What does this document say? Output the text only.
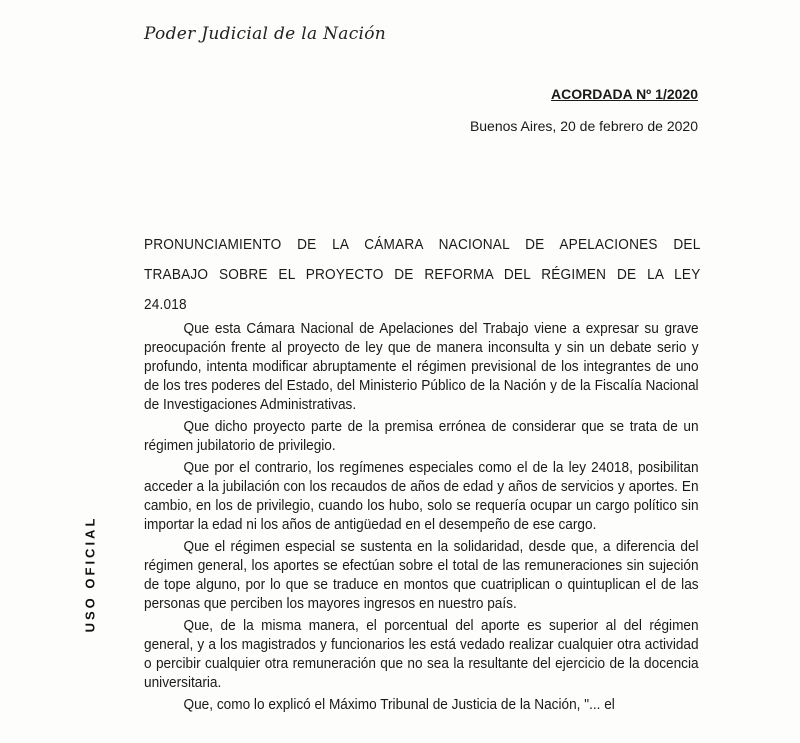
Poder Judicial de la Nación
ACORDADA Nº 1/2020
Buenos Aires, 20 de febrero de 2020
USO OFICIAL
PRONUNCIAMIENTO DE LA CÁMARA NACIONAL DE APELACIONES DEL
TRABAJO SOBRE EL PROYECTO DE REFORMA DEL RÉGIMEN DE LA LEY
24.018

Que esta Cámara Nacional de Apelaciones del Trabajo viene a expresar su grave preocupación frente al proyecto de ley que de manera inconsulta y sin un debate serio y profundo, intenta modificar abruptamente el régimen previsional de los integrantes de uno de los tres poderes del Estado, del Ministerio Público de la Nación y de la Fiscalía Nacional de Investigaciones Administrativas.

Que dicho proyecto parte de la premisa errónea de considerar que se trata de un régimen jubilatorio de privilegio.

Que por el contrario, los regímenes especiales como el de la ley 24018, posibilitan acceder a la jubilación con los recaudos de años de edad y años de servicios y aportes. En cambio, en los de privilegio, cuando los hubo, solo se requería ocupar un cargo político sin importar la edad ni los años de antigüedad en el desempeño de ese cargo.

Que el régimen especial se sustenta en la solidaridad, desde que, a diferencia del régimen general, los aportes se efectúan sobre el total de las remuneraciones sin sujeción de tope alguno, por lo que se traduce en montos que cuatriplican o quintuplican el de las personas que perciben los mayores ingresos en nuestro país.

Que, de la misma manera, el porcentual del aporte es superior al del régimen general, y a los magistrados y funcionarios les está vedado realizar cualquier otra actividad o percibir cualquier otra remuneración que no sea la resultante del ejercicio de la docencia universitaria.

Que, como lo explicó el Máximo Tribunal de Justicia de la Nación, "... el
